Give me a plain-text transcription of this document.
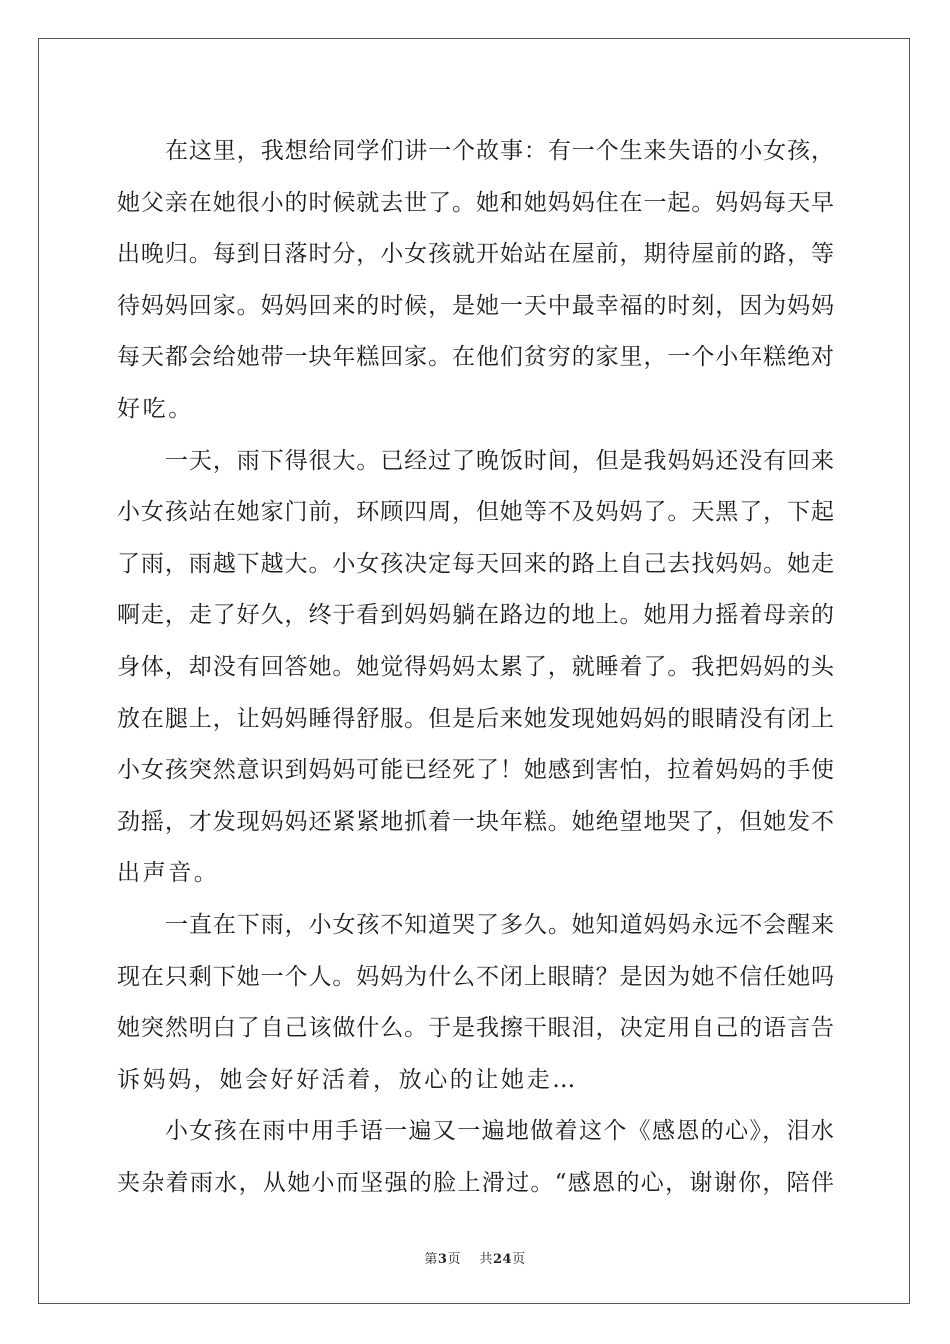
在这里，我想给同学们讲一个故事：有一个生来失语的小女孩，
她父亲在她很小的时候就去世了。她和她妈妈住在一起。妈妈每天早
出晚归。每到日落时分，小女孩就开始站在屋前，期待屋前的路，等
待妈妈回家。妈妈回来的时候，是她一天中最幸福的时刻，因为妈妈
每天都会给她带一块年糕回家。在他们贫穷的家里，一个小年糕绝对
好吃。
一天，雨下得很大。已经过了晚饭时间，但是我妈妈还没有回来
小女孩站在她家门前，环顾四周，但她等不及妈妈了。天黑了，下起
了雨，雨越下越大。小女孩决定每天回来的路上自己去找妈妈。她走
啊走，走了好久，终于看到妈妈躺在路边的地上。她用力摇着母亲的
身体，却没有回答她。她觉得妈妈太累了，就睡着了。我把妈妈的头
放在腿上，让妈妈睡得舒服。但是后来她发现她妈妈的眼睛没有闭上
小女孩突然意识到妈妈可能已经死了！她感到害怕，拉着妈妈的手使
劲摇，才发现妈妈还紧紧地抓着一块年糕。她绝望地哭了，但她发不
出声音。
一直在下雨，小女孩不知道哭了多久。她知道妈妈永远不会醒来
现在只剩下她一个人。妈妈为什么不闭上眼睛？是因为她不信任她吗
她突然明白了自己该做什么。于是我擦干眼泪，决定用自己的语言告
诉妈妈，她会好好活着，放心的让她走…
小女孩在雨中用手语一遍又一遍地做着这个《感恩的心》，泪水
夹杂着雨水，从她小而坚强的脸上滑过。“感恩的心，谢谢你，陪伴
第3页 共24页
